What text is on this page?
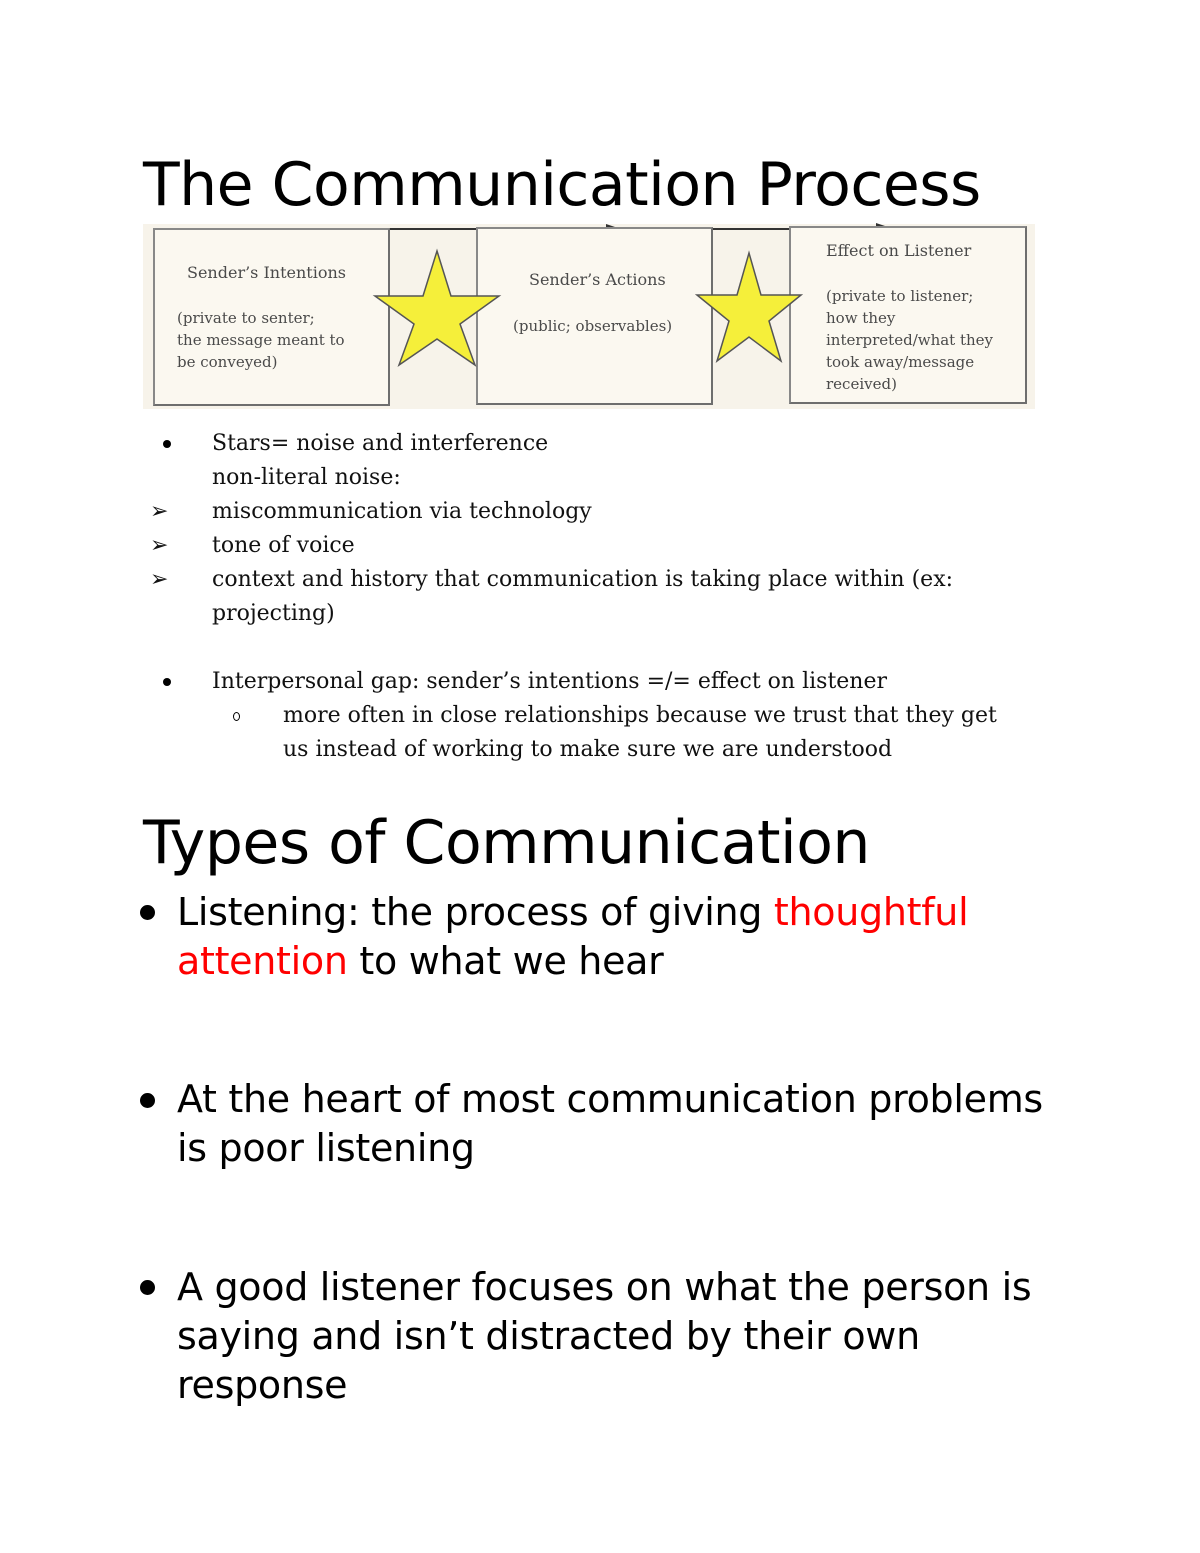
The Communication Process
Sender’s Intentions
(private to senter;
the message meant to
be conveyed)
Sender’s Actions
(public; observables)
Effect on Listener
(private to listener;
how they
interpreted/what they
took away/message
received)
Stars= noise and interference
non-literal noise:
➢ miscommunication via technology
➢ tone of voice
➢ context and history that communication is taking place within (ex:
projecting)
Interpersonal gap: sender’s intentions =/= effect on listener
more often in close relationships because we trust that they get
us instead of working to make sure we are understood
Types of Communication
Listening: the process of giving thoughtful
attention to what we hear
At the heart of most communication problems
is poor listening
A good listener focuses on what the person is
saying and isn’t distracted by their own
response
